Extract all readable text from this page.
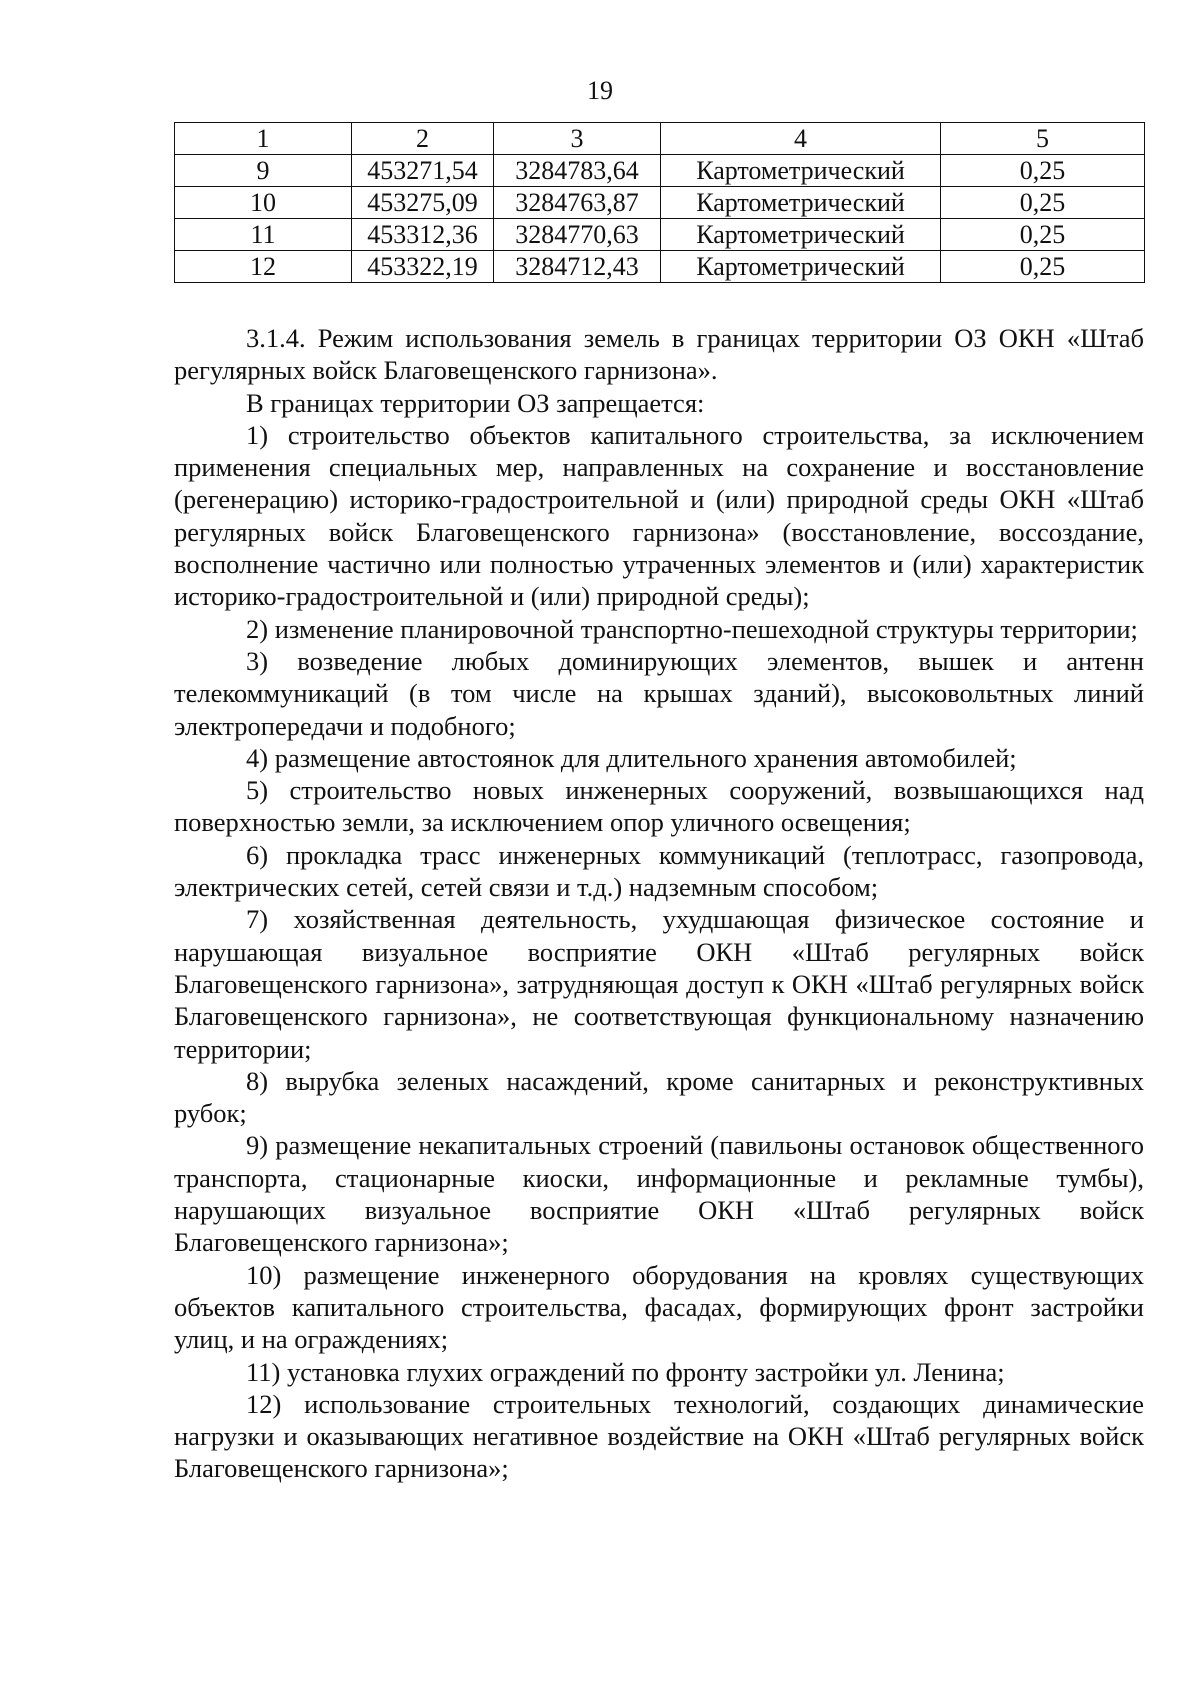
19
1	2	3	4	5
9	453271,54	3284783,64	Картометрический	0,25
10	453275,09	3284763,87	Картометрический	0,25
11	453312,36	3284770,63	Картометрический	0,25
12	453322,19	3284712,43	Картометрический	0,25

3.1.4. Режим использования земель в границах территории ОЗ ОКН «Штаб регулярных войск Благовещенского гарнизона».

В границах территории ОЗ запрещается:

1) строительство объектов капитального строительства, за исключением применения специальных мер, направленных на сохранение и восстановление (регенерацию) историко-градостроительной и (или) природной среды ОКН «Штаб регулярных войск Благовещенского гарнизона» (восстановление, воссоздание, восполнение частично или полностью утраченных элементов и (или) характеристик историко-градостроительной и (или) природной среды);

2) изменение планировочной транспортно-пешеходной структуры территории;

3) возведение любых доминирующих элементов, вышек и антенн телекоммуникаций (в том числе на крышах зданий), высоковольтных линий электропередачи и подобного;

4) размещение автостоянок для длительного хранения автомобилей;

5) строительство новых инженерных сооружений, возвышающихся над поверхностью земли, за исключением опор уличного освещения;

6) прокладка трасс инженерных коммуникаций (теплотрасс, газопровода, электрических сетей, сетей связи и т.д.) надземным способом;

7) хозяйственная деятельность, ухудшающая физическое состояние и нарушающая визуальное восприятие ОКН «Штаб регулярных войск Благовещенского гарнизона», затрудняющая доступ к ОКН «Штаб регулярных войск Благовещенского гарнизона», не соответствующая функциональному назначению территории;

8) вырубка зеленых насаждений, кроме санитарных и реконструктивных рубок;

9) размещение некапитальных строений (павильоны остановок общественного транспорта, стационарные киоски, информационные и рекламные тумбы), нарушающих визуальное восприятие ОКН «Штаб регулярных войск Благовещенского гарнизона»;

10) размещение инженерного оборудования на кровлях существующих объектов капитального строительства, фасадах, формирующих фронт застройки улиц, и на ограждениях;

11) установка глухих ограждений по фронту застройки ул. Ленина;

12) использование строительных технологий, создающих динамические нагрузки и оказывающих негативное воздействие на ОКН «Штаб регулярных войск Благовещенского гарнизона»;
